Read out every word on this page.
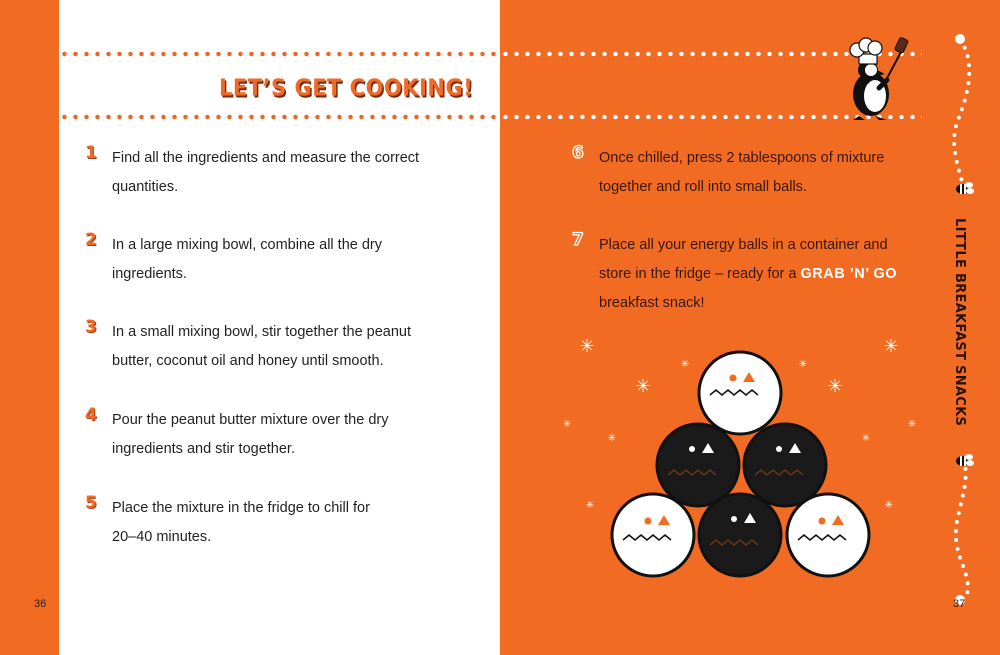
LET’S GET COOKING!
1 Find all the ingredients and measure the correct
quantities.
2 In a large mixing bowl, combine all the dry
ingredients.
3 In a small mixing bowl, stir together the peanut
butter, coconut oil and honey until smooth.
4 Pour the peanut butter mixture over the dry
ingredients and stir together.
5 Place the mixture in the fridge to chill for
20–40 minutes.
36
6 Once chilled, press 2 tablespoons of mixture
together and roll into small balls.
7 Place all your energy balls in a container and
store in the fridge – ready for a GRAB ’N’ GO
breakfast snack!	LITTLE BREAKFAST SNACKS
37
✳	✳
✳	✳
✳	✳
✳	✳
✳	✳
✳	✳
